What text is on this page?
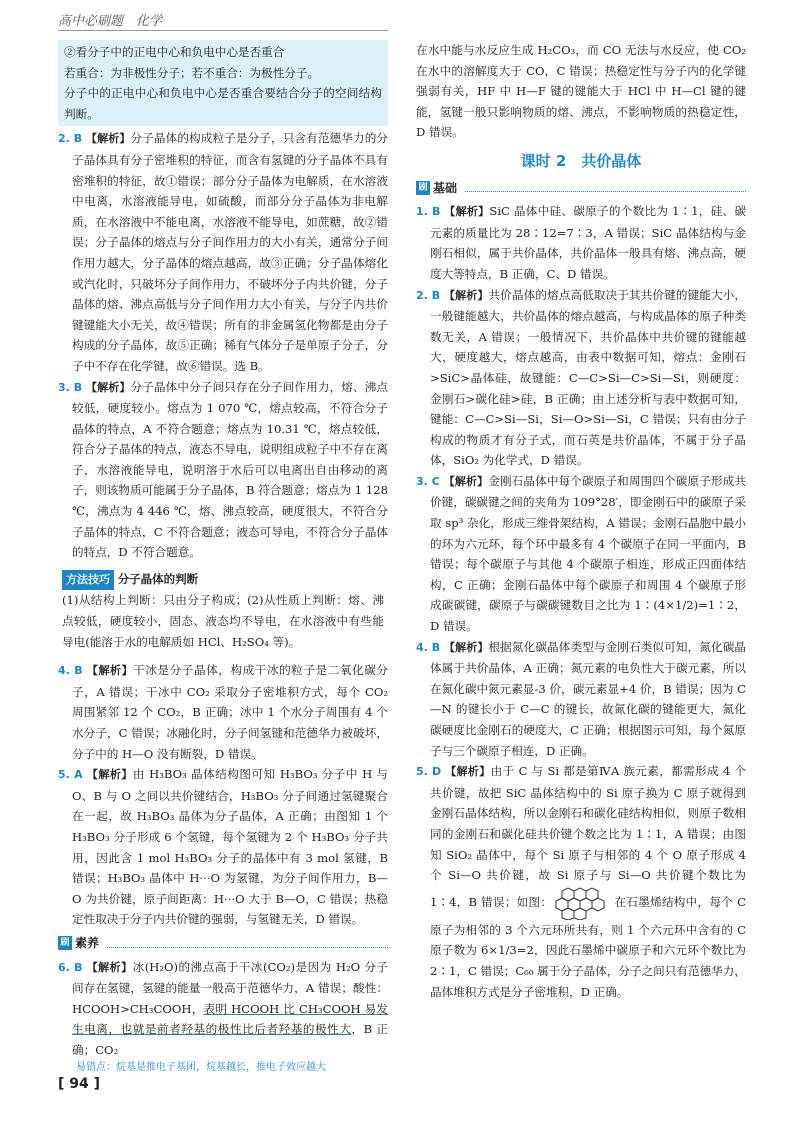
高中必刷题　化学

②看分子中的正电中心和负电中心是否重合

若重合：为非极性分子；若不重合：为极性分子。

分子中的正电中心和负电中心是否重合要结合分子的空间结构判断。

2. B 【解析】分子晶体的构成粒子是分子，只含有范德华力的分子晶体具有分子密堆积的特征，而含有氢键的分子晶体不具有密堆积的特征，故①错误；部分分子晶体为电解质，在水溶液中电离，水溶液能导电，如硫酸，而部分分子晶体为非电解质，在水溶液中不能电离，水溶液不能导电，如蔗糖，故②错误；分子晶体的熔点与分子间作用力的大小有关，通常分子间作用力越大，分子晶体的熔点越高，故③正确；分子晶体熔化或汽化时，只破坏分子间作用力，不破坏分子内共价键，分子晶体的熔、沸点高低与分子间作用力大小有关，与分子内共价键键能大小无关，故④错误；所有的非金属氢化物都是由分子构成的分子晶体，故⑤正确；稀有气体分子是单原子分子，分子中不存在化学键，故⑥错误。选 B。

3. B 【解析】分子晶体中分子间只存在分子间作用力，熔、沸点较低，硬度较小。熔点为 1 070 ℃，熔点较高，不符合分子晶体的特点，A 不符合题意；熔点为 10.31 ℃，熔点较低，符合分子晶体的特点，液态不导电，说明组成粒子中不存在离子，水溶液能导电，说明溶于水后可以电离出自由移动的离子，则该物质可能属于分子晶体，B 符合题意；熔点为 1 128 ℃，沸点为 4 446 ℃，熔、沸点较高，硬度很大，不符合分子晶体的特点，C 不符合题意；液态可导电，不符合分子晶体的特点，D 不符合题意。

方法技巧 分子晶体的判断
(1)从结构上判断：只由分子构成；(2)从性质上判断：熔、沸点较低，硬度较小，固态、液态均不导电，在水溶液中有些能导电(能溶于水的电解质如 HCl、H₂SO₄ 等)。

4. B 【解析】干冰是分子晶体，构成干冰的粒子是二氧化碳分子，A 错误；干冰中 CO₂ 采取分子密堆积方式，每个 CO₂ 周围紧邻 12 个 CO₂，B 正确；冰中 1 个水分子周围有 4 个水分子，C 错误；冰融化时，分子间氢键和范德华力被破坏，分子中的 H—O 没有断裂，D 错误。

5. A 【解析】由 H₃BO₃ 晶体结构图可知 H₃BO₃ 分子中 H 与 O、B 与 O 之间以共价键结合，H₃BO₃ 分子间通过氢键聚合在一起，故 H₃BO₃ 晶体为分子晶体，A 正确；由图知 1 个 H₃BO₃ 分子形成 6 个氢键，每个氢键为 2 个 H₃BO₃ 分子共用，因此含 1 mol H₃BO₃ 分子的晶体中有 3 mol 氢键，B 错误；H₃BO₃ 晶体中 H···O 为氢键，为分子间作用力，B—O 为共价键，原子间距离：H···O 大于 B—O，C 错误；热稳定性取决于分子内共价键的强弱，与氢键无关，D 错误。

刷 素养

6. B 【解析】冰(H₂O)的沸点高于干冰(CO₂)是因为 H₂O 分子间存在氢键，氢键的能量一般高于范德华力，A 错误；酸性：HCOOH>CH₃COOH，表明 HCOOH 比 CH₃COOH 易发生电离，也就是前者羟基的极性比后者羟基的极性大，B 正确；CO₂

易错点：烷基是推电子基团，烷基越长，推电子效应越大

在水中能与水反应生成 H₂CO₃，而 CO 无法与水反应，使 CO₂ 在水中的溶解度大于 CO，C 错误；热稳定性与分子内的化学键强弱有关，HF 中 H—F 键的键能大于 HCl 中 H—Cl 键的键能，氢键一般只影响物质的熔、沸点，不影响物质的热稳定性，D 错误。

课时 2　共价晶体
刷 基础

1. B 【解析】SiC 晶体中硅、碳原子的个数比为 1∶1，硅、碳元素的质量比为 28∶12=7∶3，A 错误；SiC 晶体结构与金刚石相似，属于共价晶体，共价晶体一般具有熔、沸点高，硬度大等特点，B 正确，C、D 错误。

2. B 【解析】共价晶体的熔点高低取决于其共价键的键能大小，一般键能越大，共价晶体的熔点越高，与构成晶体的原子种类数无关，A 错误；一般情况下，共价晶体中共价键的键能越大，硬度越大，熔点越高，由表中数据可知，熔点：金刚石>SiC>晶体硅，故键能：C—C>Si—C>Si—Si，则硬度：金刚石>碳化硅>硅，B 正确；由上述分析与表中数据可知，键能：C—C>Si—Si，Si—O>Si—Si，C 错误；只有由分子构成的物质才有分子式，而石英是共价晶体，不属于分子晶体，SiO₂ 为化学式，D 错误。

3. C 【解析】金刚石晶体中每个碳原子和周围四个碳原子形成共价键，碳碳键之间的夹角为 109°28′，即金刚石中的碳原子采取 sp³ 杂化，形成三维骨架结构，A 错误；金刚石晶胞中最小的环为六元环，每个环中最多有 4 个碳原子在同一平面内，B 错误；每个碳原子与其他 4 个碳原子相连，形成正四面体结构，C 正确；金刚石晶体中每个碳原子和周围 4 个碳原子形成碳碳键，碳原子与碳碳键数目之比为 1∶(4×1/2)=1∶2，D 错误。

4. B 【解析】根据氮化碳晶体类型与金刚石类似可知，氮化碳晶体属于共价晶体，A 正确；氮元素的电负性大于碳元素，所以在氮化碳中氮元素显-3 价，碳元素显+4 价，B 错误；因为 C—N 的键长小于 C—C 的键长，故氮化碳的键能更大，氮化碳硬度比金刚石的硬度大，C 正确；根据图示可知，每个氮原子与三个碳原子相连，D 正确。

5. D 【解析】由于 C 与 Si 都是第ⅣA 族元素，都需形成 4 个共价键，故把 SiC 晶体结构中的 Si 原子换为 C 原子就得到金刚石晶体结构，所以金刚石和碳化硅结构相似，则原子数相同的金刚石和碳化硅共价键个数之比为 1∶1，A 错误；由图知 SiO₂ 晶体中，每个 Si 原子与相邻的 4 个 O 原子形成 4 个 Si—O 共价键，故 Si 原子与 Si—O 共价键个数比为 1∶4，B 错误；如图：	在石墨烯结构中，每个 C 原子为相邻的 3 个六元环所共有，则 1 个六元环中含有的 C 原子数为 6×1/3=2，因此石墨烯中碳原子和六元环个数比为 2∶1，C 错误；C₆₀ 属于分子晶体，分子之间只有范德华力，晶体堆积方式是分子密堆积，D 正确。

[ 94 ]
